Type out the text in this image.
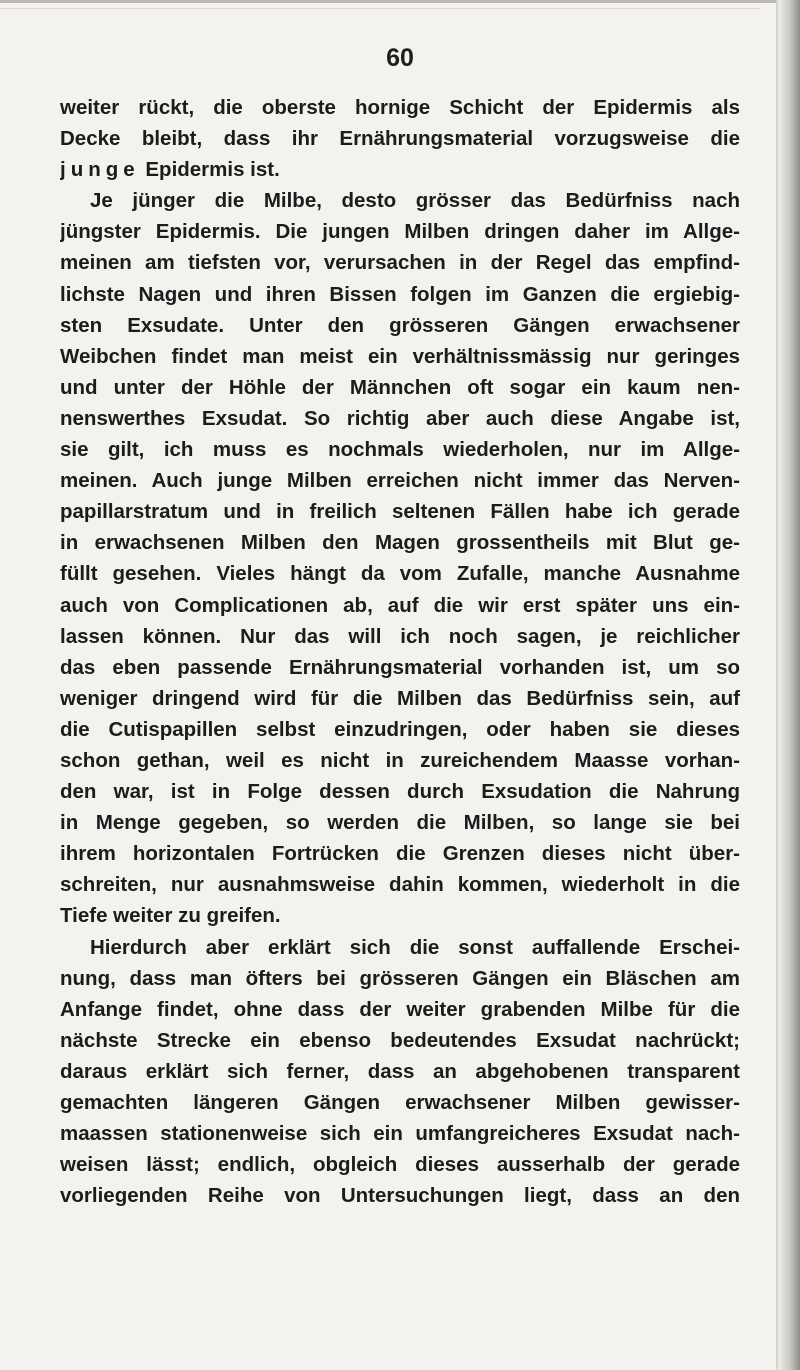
60
weiter rückt, die oberste hornige Schicht der Epidermis als
Decke bleibt, dass ihr Ernährungsmaterial vorzugsweise die
junge Epidermis ist.
Je jünger die Milbe, desto grösser das Bedürfniss nach
jüngster Epidermis. Die jungen Milben dringen daher im Allge-
meinen am tiefsten vor, verursachen in der Regel das empfind-
lichste Nagen und ihren Bissen folgen im Ganzen die ergiebig-
sten Exsudate. Unter den grösseren Gängen erwachsener
Weibchen findet man meist ein verhältnissmässig nur geringes
und unter der Höhle der Männchen oft sogar ein kaum nen-
nenswerthes Exsudat. So richtig aber auch diese Angabe ist,
sie gilt, ich muss es nochmals wiederholen, nur im Allge-
meinen. Auch junge Milben erreichen nicht immer das Nerven-
papillarstratum und in freilich seltenen Fällen habe ich gerade
in erwachsenen Milben den Magen grossentheils mit Blut ge-
füllt gesehen. Vieles hängt da vom Zufalle, manche Ausnahme
auch von Complicationen ab, auf die wir erst später uns ein-
lassen können. Nur das will ich noch sagen, je reichlicher
das eben passende Ernährungsmaterial vorhanden ist, um so
weniger dringend wird für die Milben das Bedürfniss sein, auf
die Cutispapillen selbst einzudringen, oder haben sie dieses
schon gethan, weil es nicht in zureichendem Maasse vorhan-
den war, ist in Folge dessen durch Exsudation die Nahrung
in Menge gegeben, so werden die Milben, so lange sie bei
ihrem horizontalen Fortrücken die Grenzen dieses nicht über-
schreiten, nur ausnahmsweise dahin kommen, wiederholt in die
Tiefe weiter zu greifen.
Hierdurch aber erklärt sich die sonst auffallende Erschei-
nung, dass man öfters bei grösseren Gängen ein Bläschen am
Anfange findet, ohne dass der weiter grabenden Milbe für die
nächste Strecke ein ebenso bedeutendes Exsudat nachrückt;
daraus erklärt sich ferner, dass an abgehobenen transparent
gemachten längeren Gängen erwachsener Milben gewisser-
maassen stationenweise sich ein umfangreicheres Exsudat nach-
weisen lässt; endlich, obgleich dieses ausserhalb der gerade
vorliegenden Reihe von Untersuchungen liegt, dass an den
